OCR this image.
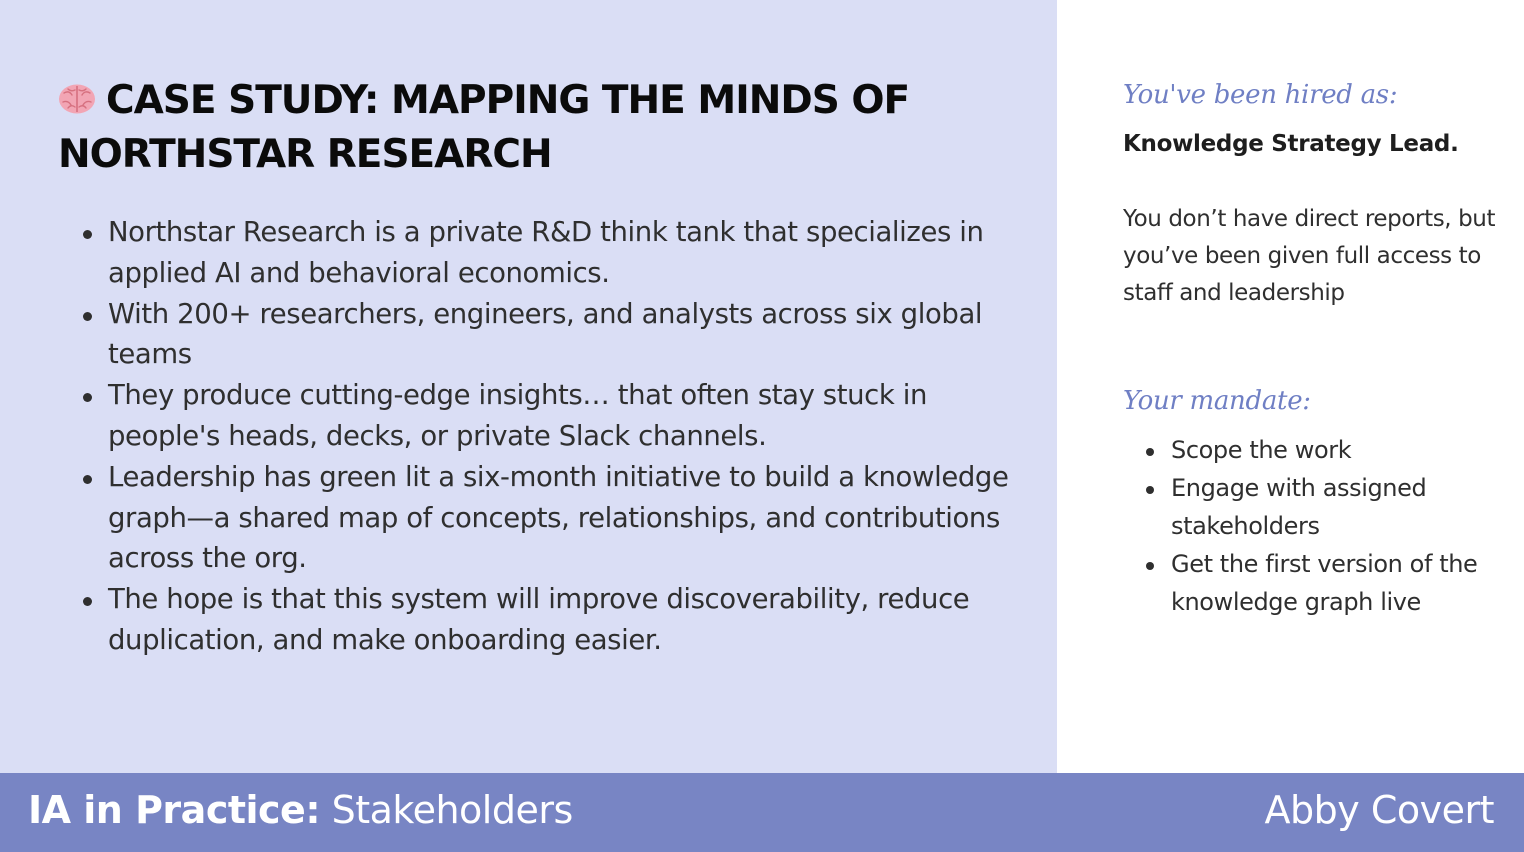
CASE STUDY: MAPPING THE MINDS OF NORTHSTAR RESEARCH
Northstar Research is a private R&D think tank that specializes in applied AI and behavioral economics.
With 200+ researchers, engineers, and analysts across six global teams
They produce cutting-edge insights… that often stay stuck in people's heads, decks, or private Slack channels.
Leadership has green lit a six-month initiative to build a knowledge graph—a shared map of concepts, relationships, and contributions across the org.
The hope is that this system will improve discoverability, reduce duplication, and make onboarding easier.
You've been hired as:
Knowledge Strategy Lead.

You don’t have direct reports, but you’ve been given full access to staff and leadership

Your mandate:
Scope the work
Engage with assigned stakeholders
Get the first version of the knowledge graph live
IA in Practice: Stakeholders	Abby Covert
